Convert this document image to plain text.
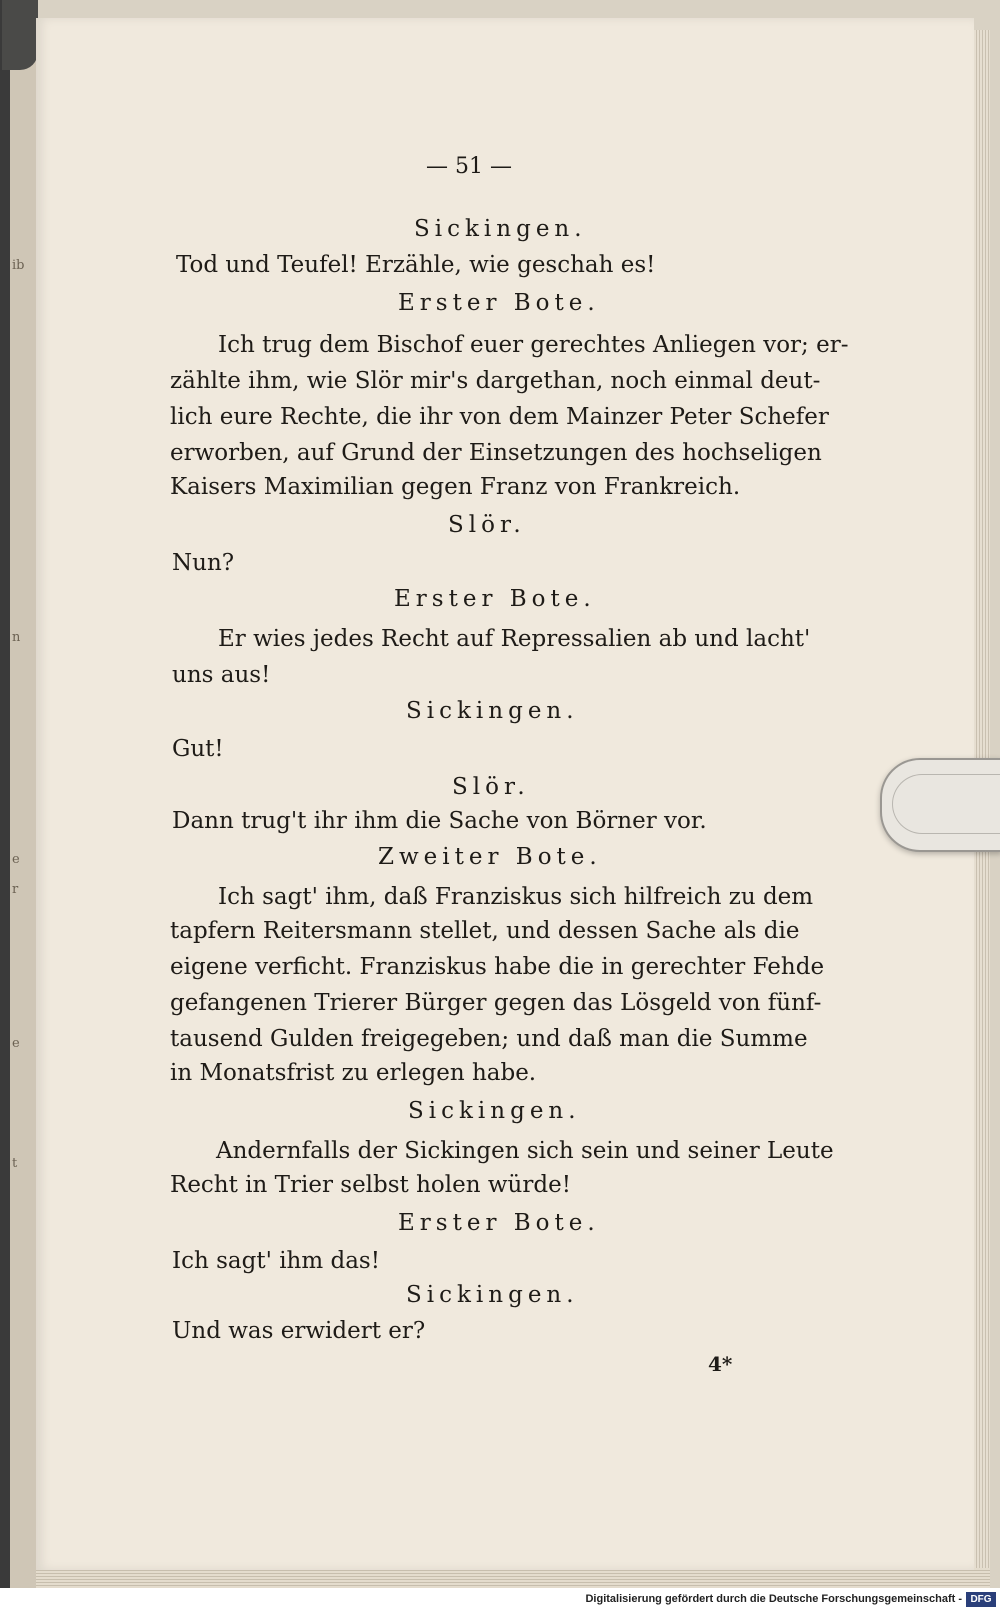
ib
n
e
r
e
t
— 51 —
Sickingen.
Tod und Teufel! Erzähle, wie geschah es!
Erster Bote.
Ich trug dem Bischof euer gerechtes Anliegen vor; er-
zählte ihm, wie Slör mir's dargethan, noch einmal deut-
lich eure Rechte, die ihr von dem Mainzer Peter Schefer
erworben, auf Grund der Einsetzungen des hochseligen
Kaisers Maximilian gegen Franz von Frankreich.
Slör.
Nun?
Erster Bote.
Er wies jedes Recht auf Repressalien ab und lacht'
uns aus!
Sickingen.
Gut!
Slör.
Dann trug't ihr ihm die Sache von Börner vor.
Zweiter Bote.
Ich sagt' ihm, daß Franziskus sich hilfreich zu dem
tapfern Reitersmann stellet, und dessen Sache als die
eigene verficht. Franziskus habe die in gerechter Fehde
gefangenen Trierer Bürger gegen das Lösgeld von fünf-
tausend Gulden freigegeben; und daß man die Summe
in Monatsfrist zu erlegen habe.
Sickingen.
Andernfalls der Sickingen sich sein und seiner Leute
Recht in Trier selbst holen würde!
Erster Bote.
Ich sagt' ihm das!
Sickingen.
Und was erwidert er?
4*
Digitalisierung gefördert durch die Deutsche Forschungsgemeinschaft - DFG
